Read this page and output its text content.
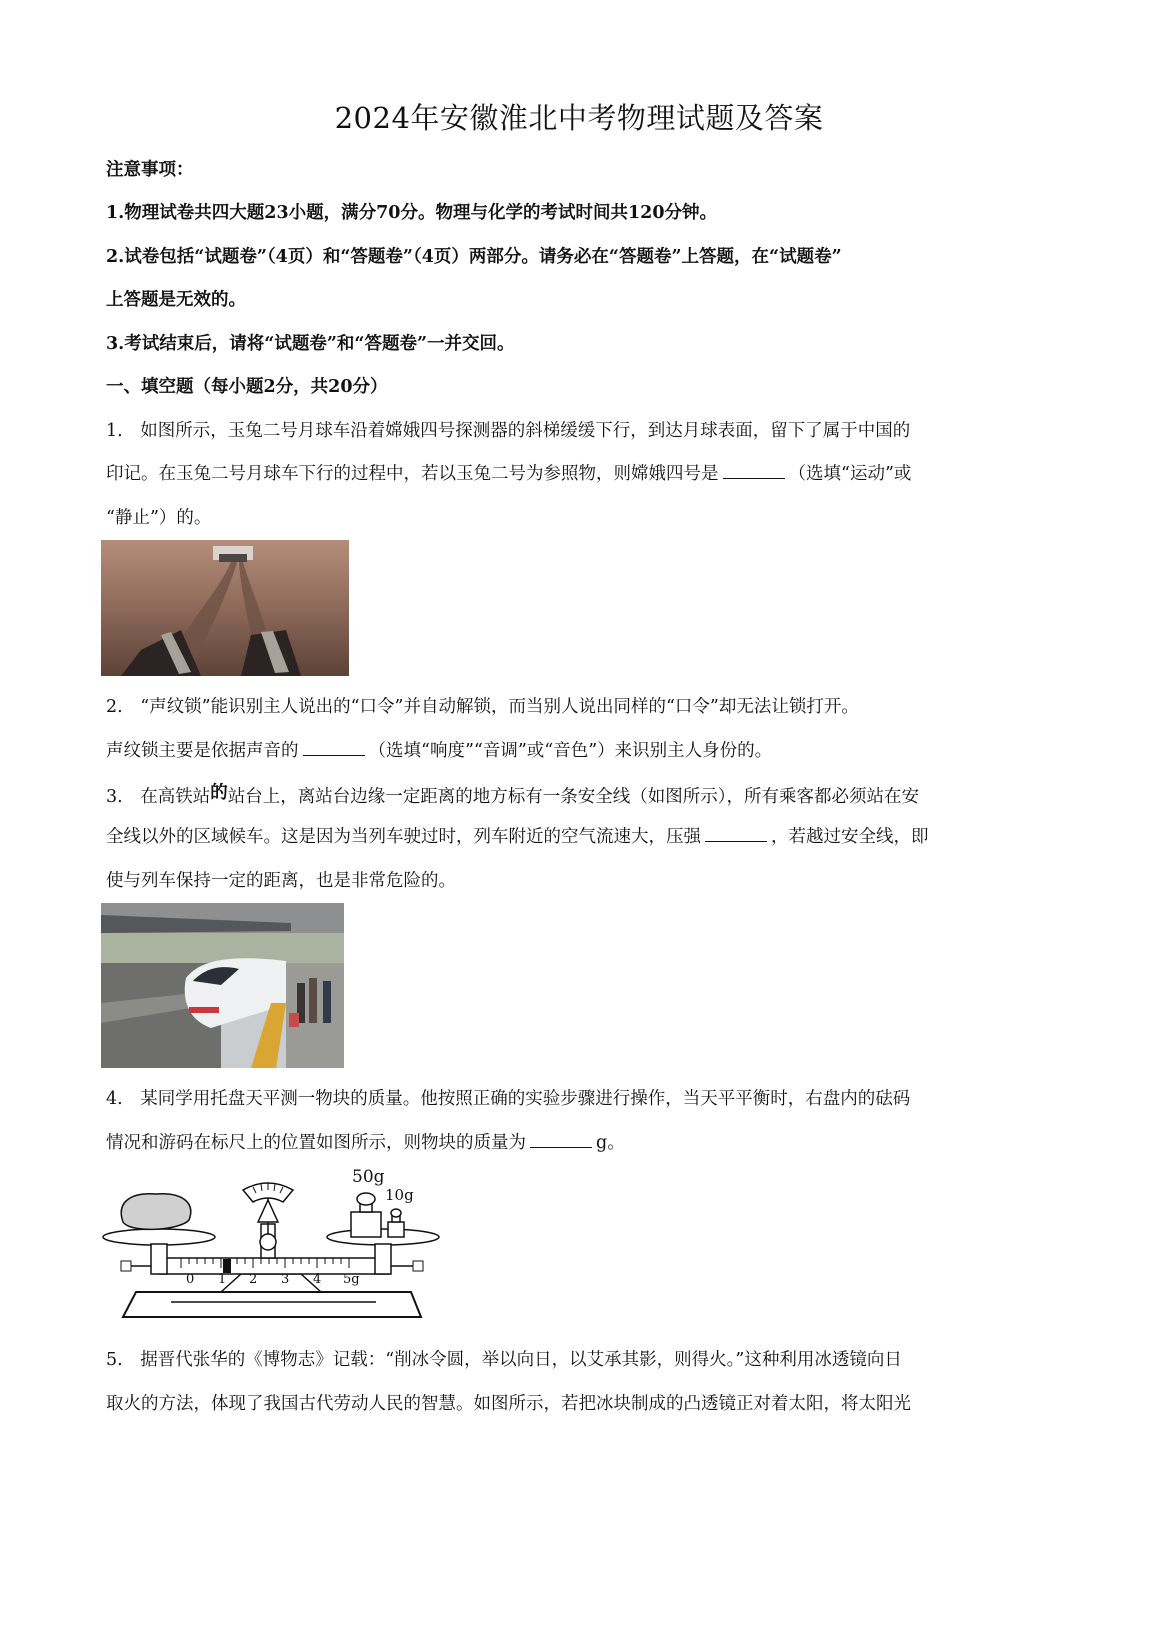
2024年安徽淮北中考物理试题及答案
注意事项：
1.物理试卷共四大题23小题，满分70分。物理与化学的考试时间共120分钟。
2.试卷包括“试题卷”（4页）和“答题卷”（4页）两部分。请务必在“答题卷”上答题，在“试题卷”
上答题是无效的。
3.考试结束后，请将“试题卷”和“答题卷”一并交回。
一、填空题（每小题2分，共20分）
1.　如图所示，玉兔二号月球车沿着嫦娥四号探测器的斜梯缓缓下行，到达月球表面，留下了属于中国的
印记。在玉兔二号月球车下行的过程中，若以玉兔二号为参照物，则嫦娥四号是	（选填“运动”或
“静止”）的。
2.　“声纹锁”能识别主人说出的“口令”并自动解锁，而当别人说出同样的“口令”却无法让锁打开。
声纹锁主要是依据声音的	（选填“响度”“音调”或“音色”）来识别主人身份的。
3.　在高铁站的站台上，离站台边缘一定距离的地方标有一条安全线（如图所示），所有乘客都必须站在安
全线以外的区域候车。这是因为当列车驶过时，列车附近的空气流速大，压强	，若越过安全线，即
使与列车保持一定的距离，也是非常危险的。
4.　某同学用托盘天平测一物块的质量。他按照正确的实验步骤进行操作，当天平平衡时，右盘内的砝码
情况和游码在标尺上的位置如图所示，则物块的质量为	g。
50g
10g
0 1 2 3 4 5g
5.　据晋代张华的《博物志》记载：“削冰令圆，举以向日，以艾承其影，则得火。”这种利用冰透镜向日
取火的方法，体现了我国古代劳动人民的智慧。如图所示，若把冰块制成的凸透镜正对着太阳，将太阳光
